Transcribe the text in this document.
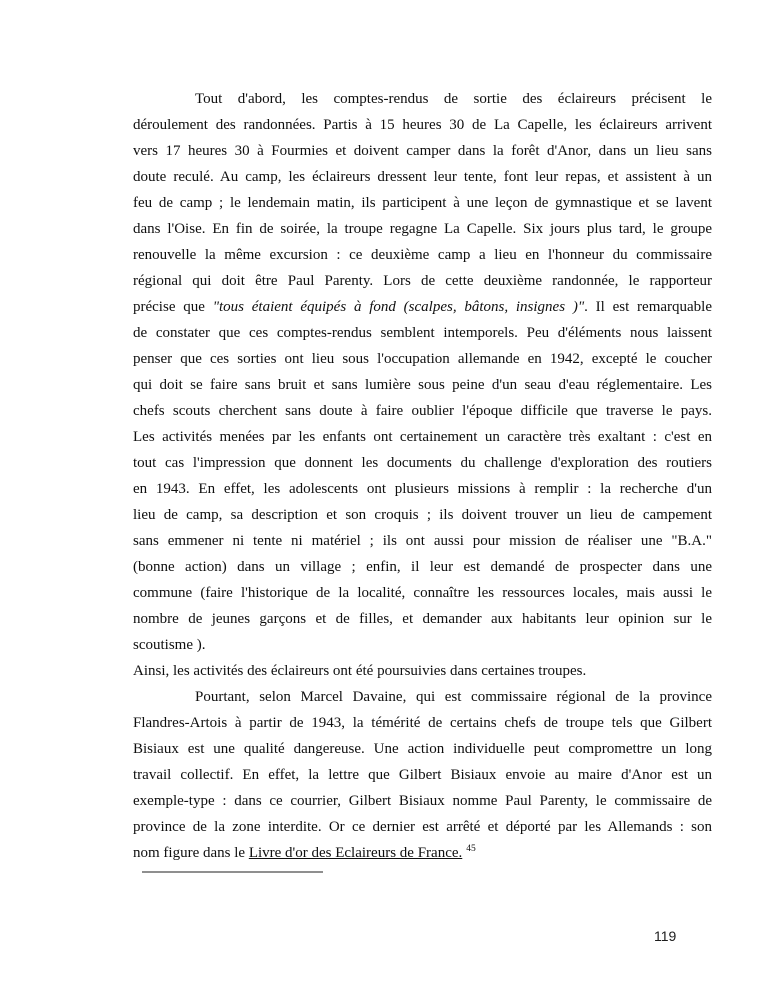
Tout d'abord, les comptes-rendus de sortie des éclaireurs précisent le
déroulement des randonnées. Partis à 15 heures 30 de La Capelle, les éclaireurs arrivent
vers 17 heures 30 à Fourmies et doivent camper dans la forêt d'Anor, dans un lieu sans
doute reculé. Au camp, les éclaireurs dressent leur tente, font leur repas, et assistent à un
feu de camp ; le lendemain matin, ils participent à une leçon de gymnastique et se lavent
dans l'Oise. En fin de soirée, la troupe regagne La Capelle. Six jours plus tard, le groupe
renouvelle la même excursion : ce deuxième camp a lieu en l'honneur du commissaire
régional qui doit être Paul Parenty. Lors de cette deuxième randonnée, le rapporteur
précise que "tous étaient équipés à fond (scalpes, bâtons, insignes )". Il est remarquable
de constater que ces comptes-rendus semblent intemporels. Peu d'éléments nous laissent
penser que ces sorties ont lieu sous l'occupation allemande en 1942, excepté le coucher
qui doit se faire sans bruit et sans lumière sous peine d'un seau d'eau réglementaire. Les
chefs scouts cherchent sans doute à faire oublier l'époque difficile que traverse le pays.
Les activités menées par les enfants ont certainement un caractère très exaltant : c'est en
tout cas l'impression que donnent les documents du challenge d'exploration des routiers
en 1943. En effet, les adolescents ont plusieurs missions à remplir : la recherche d'un
lieu de camp, sa description et son croquis ; ils doivent trouver un lieu de campement
sans emmener ni tente ni matériel ; ils ont aussi pour mission de réaliser une "B.A."
(bonne action) dans un village ; enfin, il leur est demandé de prospecter dans une
commune (faire l'historique de la localité, connaître les ressources locales, mais aussi le
nombre de jeunes garçons et de filles, et demander aux habitants leur opinion sur le
scoutisme ).
Ainsi, les activités des éclaireurs ont été poursuivies dans certaines troupes.
Pourtant, selon Marcel Davaine, qui est commissaire régional de la province
Flandres-Artois à partir de 1943, la témérité de certains chefs de troupe tels que Gilbert
Bisiaux est une qualité dangereuse. Une action individuelle peut compromettre un long
travail collectif. En effet, la lettre que Gilbert Bisiaux envoie au maire d'Anor est un
exemple-type : dans ce courrier, Gilbert Bisiaux nomme Paul Parenty, le commissaire de
province de la zone interdite. Or ce dernier est arrêté et déporté par les Allemands : son
nom figure dans le Livre d'or des Eclaireurs de France. $^{45}$
119
